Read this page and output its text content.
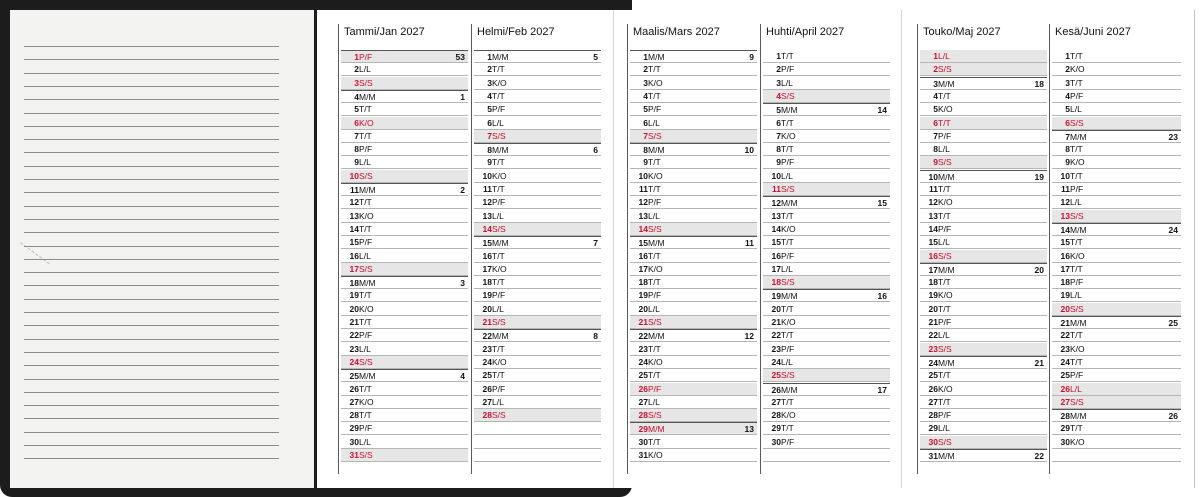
Tammi/Jan 2027
1 P/F	53
2 L/L
3 S/S
4 M/M	1
5 T/T
6 K/O
7 T/T
8 P/F
9 L/L
10 S/S
11 M/M	2
12 T/T
13 K/O
14 T/T
15 P/F
16 L/L
17 S/S
18 M/M	3
19 T/T
20 K/O
21 T/T
22 P/F
23 L/L
24 S/S
25 M/M	4
26 T/T
27 K/O
28 T/T
29 P/F
30 L/L
31 S/S
Helmi/Feb 2027
1 M/M	5
2 T/T
3 K/O
4 T/T
5 P/F
6 L/L
7 S/S
8 M/M	6
9 T/T
10 K/O
11 T/T
12 P/F
13 L/L
14 S/S
15 M/M	7
16 T/T
17 K/O
18 T/T
19 P/F
20 L/L
21 S/S
22 M/M	8
23 T/T
24 K/O
25 T/T
26 P/F
27 L/L
28 S/S
Maalis/Mars 2027
1 M/M	9
2 T/T
3 K/O
4 T/T
5 P/F
6 L/L
7 S/S
8 M/M	10
9 T/T
10 K/O
11 T/T
12 P/F
13 L/L
14 S/S
15 M/M	11
16 T/T
17 K/O
18 T/T
19 P/F
20 L/L
21 S/S
22 M/M	12
23 T/T
24 K/O
25 T/T
26 P/F
27 L/L
28 S/S
29 M/M	13
30 T/T
31 K/O
Huhti/April 2027
1 T/T
2 P/F
3 L/L
4 S/S
5 M/M	14
6 T/T
7 K/O
8 T/T
9 P/F
10 L/L
11 S/S
12 M/M	15
13 T/T
14 K/O
15 T/T
16 P/F
17 L/L
18 S/S
19 M/M	16
20 T/T
21 K/O
22 T/T
23 P/F
24 L/L
25 S/S
26 M/M	17
27 T/T
28 K/O
29 T/T
30 P/F
Touko/Maj 2027
1 L/L
2 S/S
3 M/M	18
4 T/T
5 K/O
6 T/T
7 P/F
8 L/L
9 S/S
10 M/M	19
11 T/T
12 K/O
13 T/T
14 P/F
15 L/L
16 S/S
17 M/M	20
18 T/T
19 K/O
20 T/T
21 P/F
22 L/L
23 S/S
24 M/M	21
25 T/T
26 K/O
27 T/T
28 P/F
29 L/L
30 S/S
31 M/M	22
Kesä/Juni 2027
1 T/T
2 K/O
3 T/T
4 P/F
5 L/L
6 S/S
7 M/M	23
8 T/T
9 K/O
10 T/T
11 P/F
12 L/L
13 S/S
14 M/M	24
15 T/T
16 K/O
17 T/T
18 P/F
19 L/L
20 S/S
21 M/M	25
22 T/T
23 K/O
24 T/T
25 P/F
26 L/L
27 S/S
28 M/M	26
29 T/T
30 K/O
